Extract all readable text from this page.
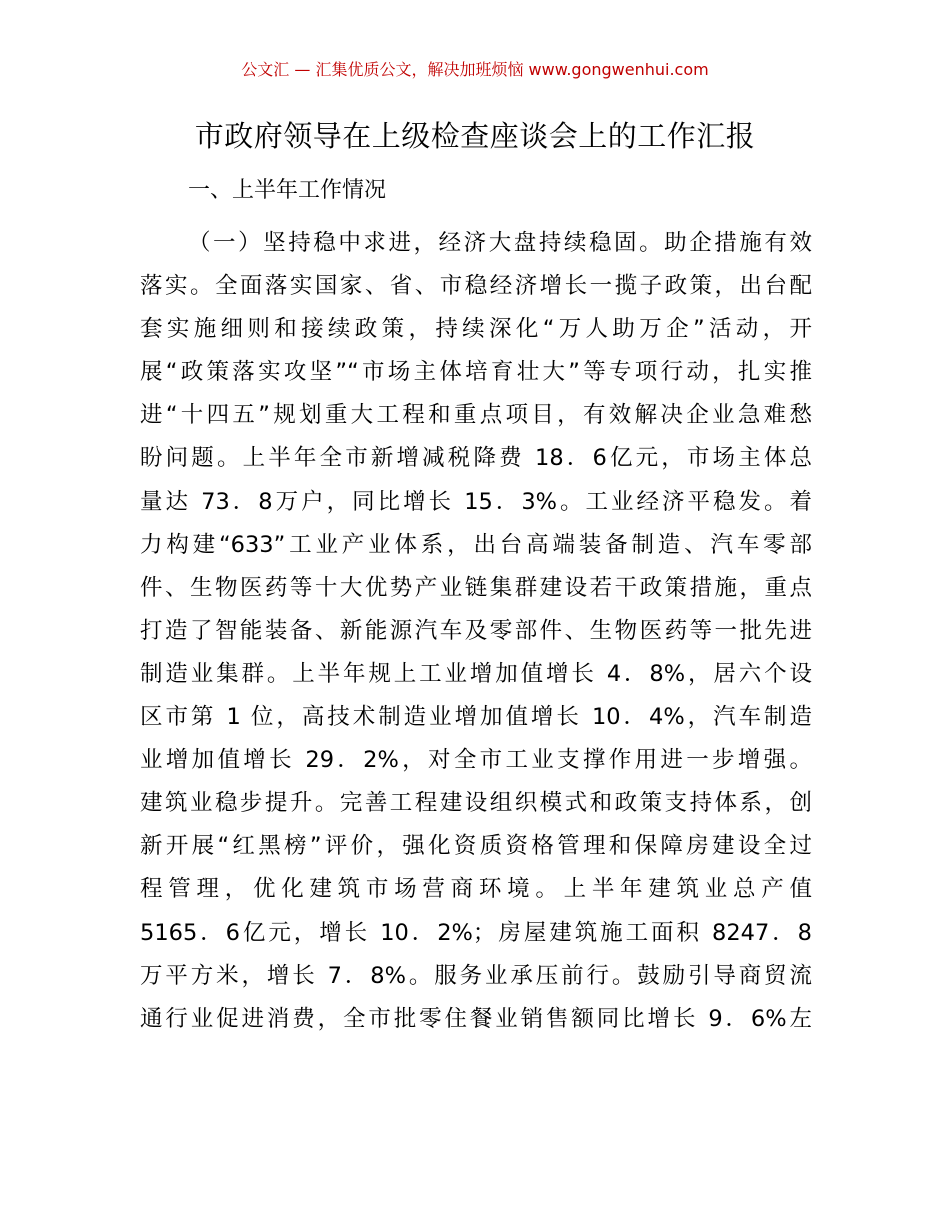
公文汇 — 汇集优质公文，解决加班烦恼 www.gongwenhui.com
市政府领导在上级检查座谈会上的工作汇报
一、上半年工作情况
（一）坚持稳中求进，经济大盘持续稳固。助企措施有效
落实。全面落实国家、省、市稳经济增长一揽子政策，出台配
套实施细则和接续政策，持续深化“万人助万企”活动，开
展“政策落实攻坚”“市场主体培育壮大”等专项行动，扎实推
进“十四五”规划重大工程和重点项目，有效解决企业急难愁
盼问题。上半年全市新增减税降费 18．6亿元，市场主体总
量达 73．8万户，同比增长 15．3%。工业经济平稳发。着
力构建“633”工业产业体系，出台高端装备制造、汽车零部
件、生物医药等十大优势产业链集群建设若干政策措施，重点
打造了智能装备、新能源汽车及零部件、生物医药等一批先进
制造业集群。上半年规上工业增加值增长 4．8%，居六个设
区市第 1 位，高技术制造业增加值增长 10．4%，汽车制造
业增加值增长 29．2%，对全市工业支撑作用进一步增强。
建筑业稳步提升。完善工程建设组织模式和政策支持体系，创
新开展“红黑榜”评价，强化资质资格管理和保障房建设全过
程管理，优化建筑市场营商环境。上半年建筑业总产值
5165．6亿元，增长 10．2%；房屋建筑施工面积 8247．8
万平方米，增长 7．8%。服务业承压前行。鼓励引导商贸流
通行业促进消费，全市批零住餐业销售额同比增长 9．6%左
